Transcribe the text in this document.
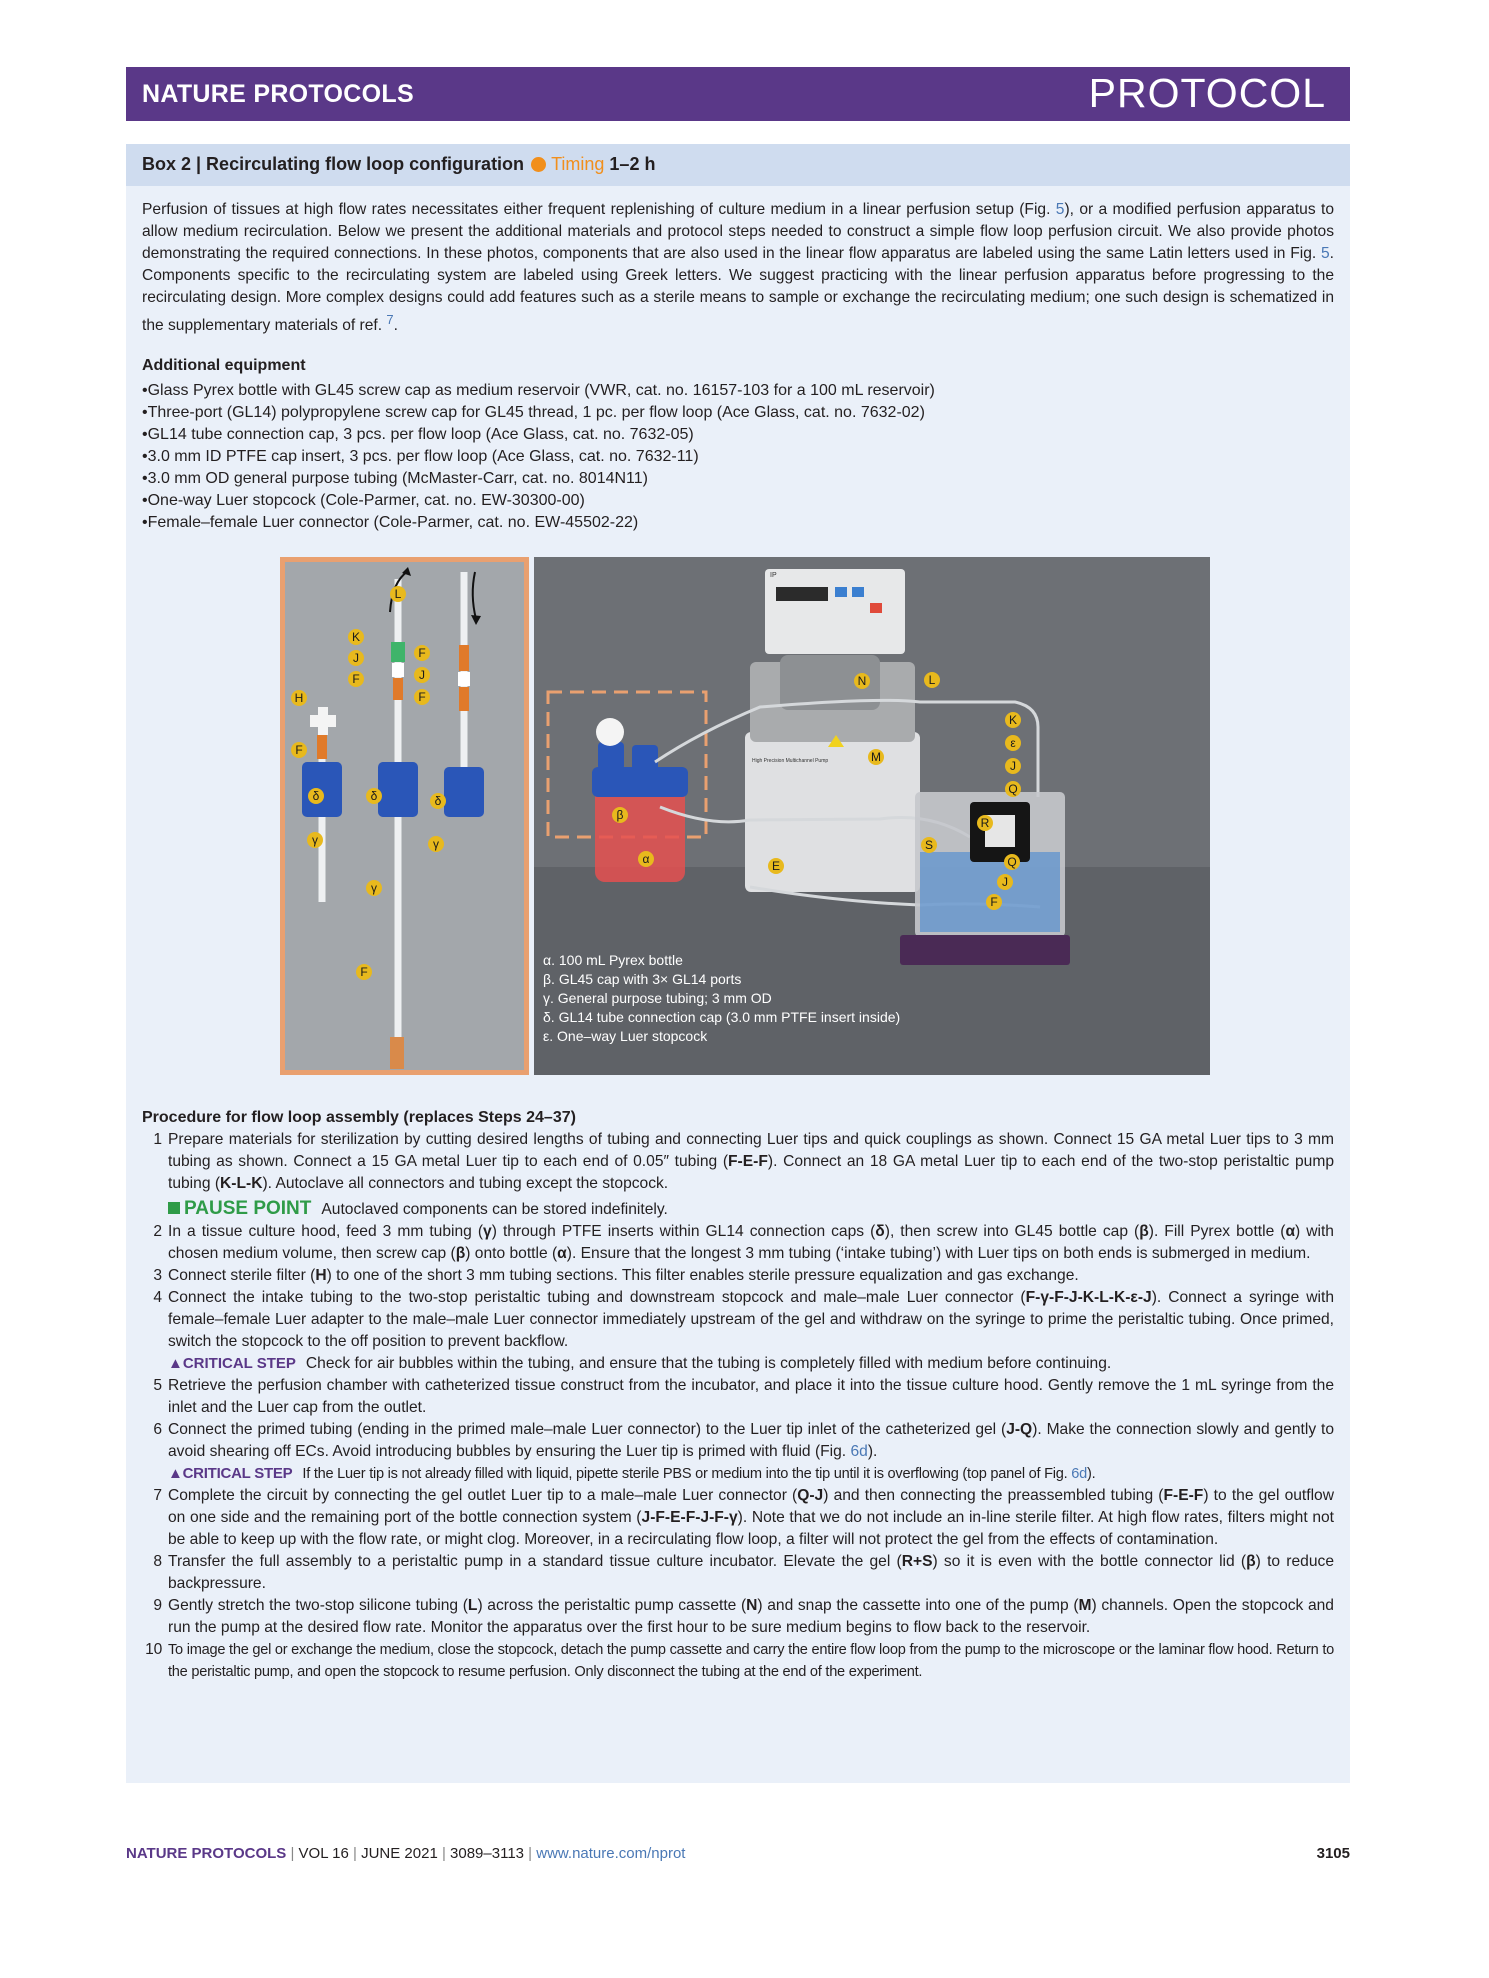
NATURE PROTOCOLS	PROTOCOL
Box 2 | Recirculating flow loop configuration Timing 1–2 h
Perfusion of tissues at high flow rates necessitates either frequent replenishing of culture medium in a linear perfusion setup (Fig. 5), or a modified perfusion apparatus to allow medium recirculation. Below we present the additional materials and protocol steps needed to construct a simple flow loop perfusion circuit. We also provide photos demonstrating the required connections. In these photos, components that are also used in the linear flow apparatus are labeled using the same Latin letters used in Fig. 5. Components specific to the recirculating system are labeled using Greek letters. We suggest practicing with the linear perfusion apparatus before progressing to the recirculating design. More complex designs could add features such as a sterile means to sample or exchange the recirculating medium; one such design is schematized in the supplementary materials of ref. $^7$.
Additional equipment
• Glass Pyrex bottle with GL45 screw cap as medium reservoir (VWR, cat. no. 16157-103 for a 100 mL reservoir)
• Three-port (GL14) polypropylene screw cap for GL45 thread, 1 pc. per flow loop (Ace Glass, cat. no. 7632-02)
• GL14 tube connection cap, 3 pcs. per flow loop (Ace Glass, cat. no. 7632-05)
• 3.0 mm ID PTFE cap insert, 3 pcs. per flow loop (Ace Glass, cat. no. 7632-11)
• 3.0 mm OD general purpose tubing (McMaster-Carr, cat. no. 8014N11)
• One-way Luer stopcock (Cole-Parmer, cat. no. EW-30300-00)
• Female–female Luer connector (Cole-Parmer, cat. no. EW-45502-22)
L
K
J
F
F
J
F
H
F
δ	δ	δ
γ	γ
γ
F
IP
High Precision Multichannel Pump
N	L
K
ε
J
Q
M
R
S
Q
J
F
β
α	E
α. 100 mL Pyrex bottle
β. GL45 cap with 3× GL14 ports
γ. General purpose tubing; 3 mm OD
δ. GL14 tube connection cap (3.0 mm PTFE insert inside)
ε. One–way Luer stopcock
Procedure for flow loop assembly (replaces Steps 24–37)
1 Prepare materials for sterilization by cutting desired lengths of tubing and connecting Luer tips and quick couplings as shown. Connect 15 GA metal Luer tips to 3 mm tubing as shown. Connect a 15 GA metal Luer tip to each end of 0.05″ tubing (F-E-F). Connect an 18 GA metal Luer tip to each end of the two-stop peristaltic pump tubing (K-L-K). Autoclave all connectors and tubing except the stopcock.
PAUSE POINT Autoclaved components can be stored indefinitely.
2 In a tissue culture hood, feed 3 mm tubing (γ) through PTFE inserts within GL14 connection caps (δ), then screw into GL45 bottle cap (β). Fill Pyrex bottle (α) with chosen medium volume, then screw cap (β) onto bottle (α). Ensure that the longest 3 mm tubing (‘intake tubing’) with Luer tips on both ends is submerged in medium.
3 Connect sterile filter (H) to one of the short 3 mm tubing sections. This filter enables sterile pressure equalization and gas exchange.
4 Connect the intake tubing to the two-stop peristaltic tubing and downstream stopcock and male–male Luer connector (F-γ-F-J-K-L-K-ε-J). Connect a syringe with female–female Luer adapter to the male–male Luer connector immediately upstream of the gel and withdraw on the syringe to prime the peristaltic tubing. Once primed, switch the stopcock to the off position to prevent backflow.
▲CRITICAL STEP Check for air bubbles within the tubing, and ensure that the tubing is completely filled with medium before continuing.
5 Retrieve the perfusion chamber with catheterized tissue construct from the incubator, and place it into the tissue culture hood. Gently remove the 1 mL syringe from the inlet and the Luer cap from the outlet.
6 Connect the primed tubing (ending in the primed male–male Luer connector) to the Luer tip inlet of the catheterized gel (J-Q). Make the connection slowly and gently to avoid shearing off ECs. Avoid introducing bubbles by ensuring the Luer tip is primed with fluid (Fig. 6d).
▲CRITICAL STEP If the Luer tip is not already filled with liquid, pipette sterile PBS or medium into the tip until it is overflowing (top panel of Fig. 6d).
7 Complete the circuit by connecting the gel outlet Luer tip to a male–male Luer connector (Q-J) and then connecting the preassembled tubing (F-E-F) to the gel outflow on one side and the remaining port of the bottle connection system (J-F-E-F-J-F-γ). Note that we do not include an in-line sterile filter. At high flow rates, filters might not be able to keep up with the flow rate, or might clog. Moreover, in a recirculating flow loop, a filter will not protect the gel from the effects of contamination.
8 Transfer the full assembly to a peristaltic pump in a standard tissue culture incubator. Elevate the gel (R+S) so it is even with the bottle connector lid (β) to reduce backpressure.
9 Gently stretch the two-stop silicone tubing (L) across the peristaltic pump cassette (N) and snap the cassette into one of the pump (M) channels. Open the stopcock and run the pump at the desired flow rate. Monitor the apparatus over the first hour to be sure medium begins to flow back to the reservoir.
10 To image the gel or exchange the medium, close the stopcock, detach the pump cassette and carry the entire flow loop from the pump to the microscope or the laminar flow hood. Return to the peristaltic pump, and open the stopcock to resume perfusion. Only disconnect the tubing at the end of the experiment.
NATURE PROTOCOLS | VOL 16 | JUNE 2021 | 3089–3113 | www.nature.com/nprot	3105
